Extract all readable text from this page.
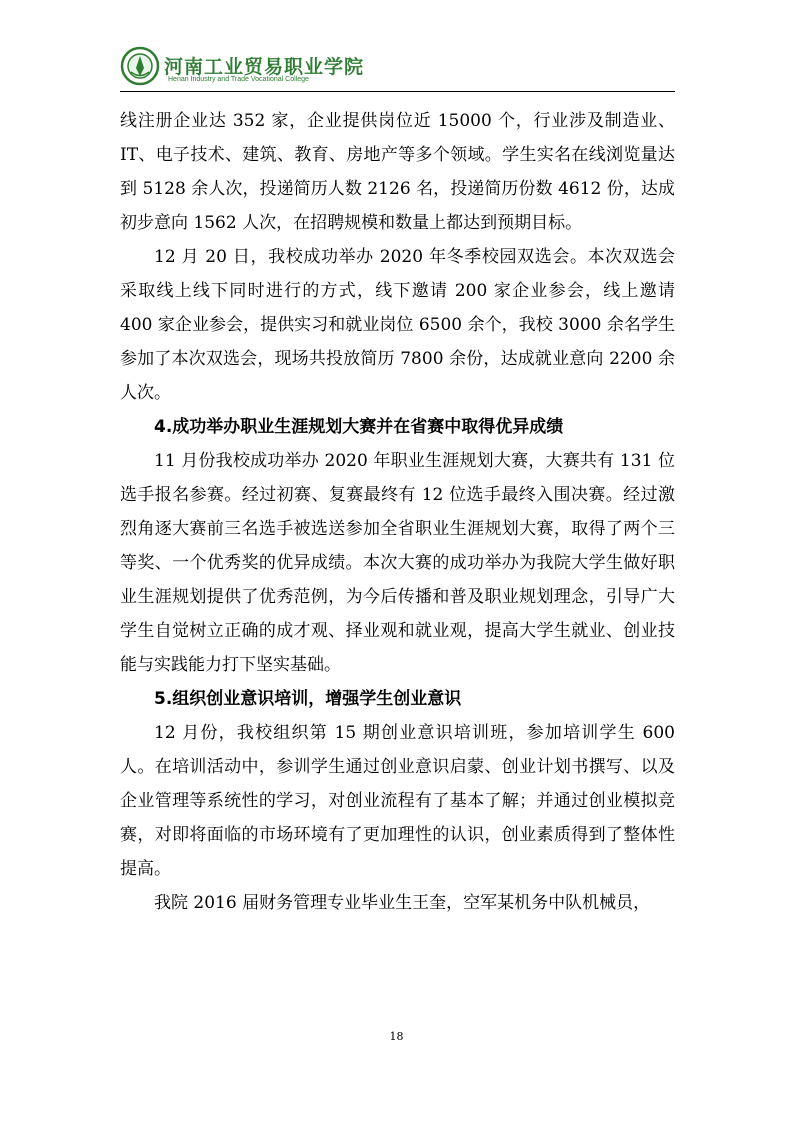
河南工业贸易职业学院
Henan Industry and Trade Vocational College

线注册企业达 352 家，企业提供岗位近 15000 个，行业涉及制造业、IT、电子技术、建筑、教育、房地产等多个领域。学生实名在线浏览量达到 5128 余人次，投递简历人数 2126 名，投递简历份数 4612 份，达成初步意向 1562 人次，在招聘规模和数量上都达到预期目标。

12 月 20 日，我校成功举办 2020 年冬季校园双选会。本次双选会采取线上线下同时进行的方式，线下邀请 200 家企业参会，线上邀请 400 家企业参会，提供实习和就业岗位 6500 余个，我校 3000 余名学生参加了本次双选会，现场共投放简历 7800 余份，达成就业意向 2200 余人次。

4.成功举办职业生涯规划大赛并在省赛中取得优异成绩

11 月份我校成功举办 2020 年职业生涯规划大赛，大赛共有 131 位选手报名参赛。经过初赛、复赛最终有 12 位选手最终入围决赛。经过激烈角逐大赛前三名选手被选送参加全省职业生涯规划大赛，取得了两个三等奖、一个优秀奖的优异成绩。本次大赛的成功举办为我院大学生做好职业生涯规划提供了优秀范例，为今后传播和普及职业规划理念，引导广大学生自觉树立正确的成才观、择业观和就业观，提高大学生就业、创业技能与实践能力打下坚实基础。

5.组织创业意识培训，增强学生创业意识

12 月份，我校组织第 15 期创业意识培训班，参加培训学生 600 人。在培训活动中，参训学生通过创业意识启蒙、创业计划书撰写、以及企业管理等系统性的学习，对创业流程有了基本了解；并通过创业模拟竞赛，对即将面临的市场环境有了更加理性的认识，创业素质得到了整体性提高。

我院 2016 届财务管理专业毕业生王奎，空军某机务中队机械员，

18
